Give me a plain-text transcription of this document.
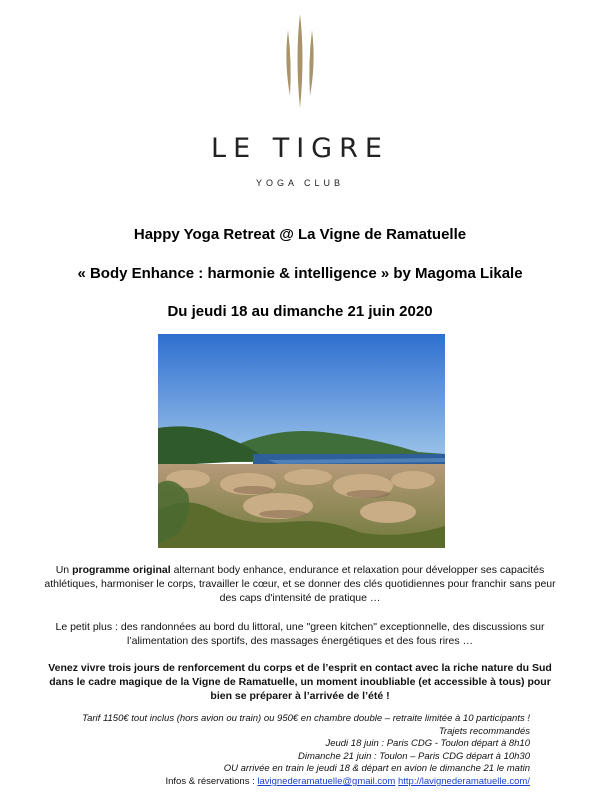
LE TIGRE
YOGA CLUB
Happy Yoga Retreat @ La Vigne de Ramatuelle
« Body Enhance : harmonie & intelligence » by Magoma Likale
Du jeudi 18 au dimanche 21 juin 2020
Un programme original alternant body enhance, endurance et relaxation pour développer ses capacités athlétiques, harmoniser le corps, travailler le cœur, et se donner des clés quotidiennes pour franchir sans peur des caps d'intensité de pratique …
Le petit plus : des randonnées au bord du littoral, une "green kitchen" exceptionnelle, des discussions sur l’alimentation des sportifs, des massages énergétiques et des fous rires …
Venez vivre trois jours de renforcement du corps et de l’esprit en contact avec la riche nature du Sud dans le cadre magique de la Vigne de Ramatuelle, un moment inoubliable (et accessible à tous) pour bien se préparer à l’arrivée de l’été !
Tarif 1150€ tout inclus (hors avion ou train) ou 950€ en chambre double – retraite limitée à 10 participants !
Trajets recommandés
Jeudi 18 juin : Paris CDG - Toulon départ à 8h10
Dimanche 21 juin : Toulon – Paris CDG départ à 10h30
OU arrivée en train le jeudi 18 & départ en avion le dimanche 21 le matin
Infos & réservations : lavignederamatuelle@gmail.com http://lavignederamatuelle.com/
